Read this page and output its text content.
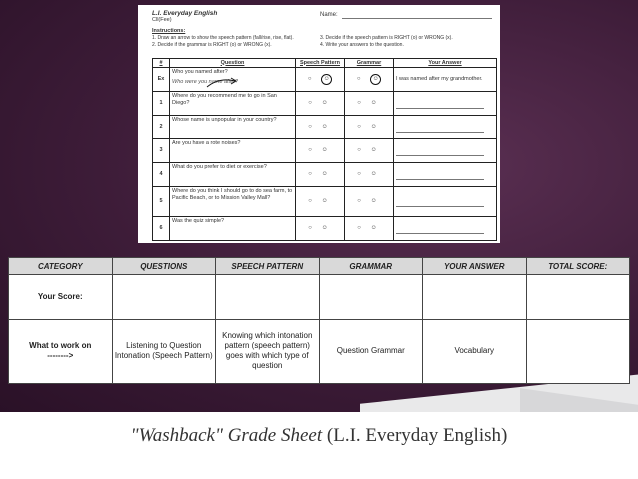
L.I. Everyday English
Cll(Fee)
Name:
Instructions:
1. Draw an arrow to show the speech pattern (fall/rise, rise, flat).
2. Decide if the grammar is RIGHT (o) or WRONG (x).
3. Decide if the speech pattern is RIGHT (o) or WRONG (x).
4. Write your answers to the question.
#	Question	Speech Pattern	Grammar	Your Answer
Ex	Who you named after?
Who were you name after?	○ ☺	○ ☺	I was named after my grandmother.
1	Where do you recommend me to go in San Diego?	○ ☺	○ ☺	

2	Whose name is unpopular in your country?	○ ☺	○ ☺	

3	Are you have a rote noises?	○ ☺	○ ☺	

4	What do you prefer to diet or exercise?	○ ☺	○ ☺	

5	Where do you think I should go to do sea farm, to Pacific Beach, or to Mission Valley Mall?	○ ☺	○ ☺	

6	Was the quiz simple?	○ ☺	○ ☺	
CATEGORY	QUESTIONS	SPEECH PATTERN	GRAMMAR	YOUR ANSWER	TOTAL SCORE:
Your Score:					
What to work on
-------->	Listening to Question Intonation (Speech Pattern)	Knowing which intonation pattern (speech pattern) goes with which type of question	Question Grammar	Vocabulary	
"Washback" Grade Sheet (L.I. Everyday English)
